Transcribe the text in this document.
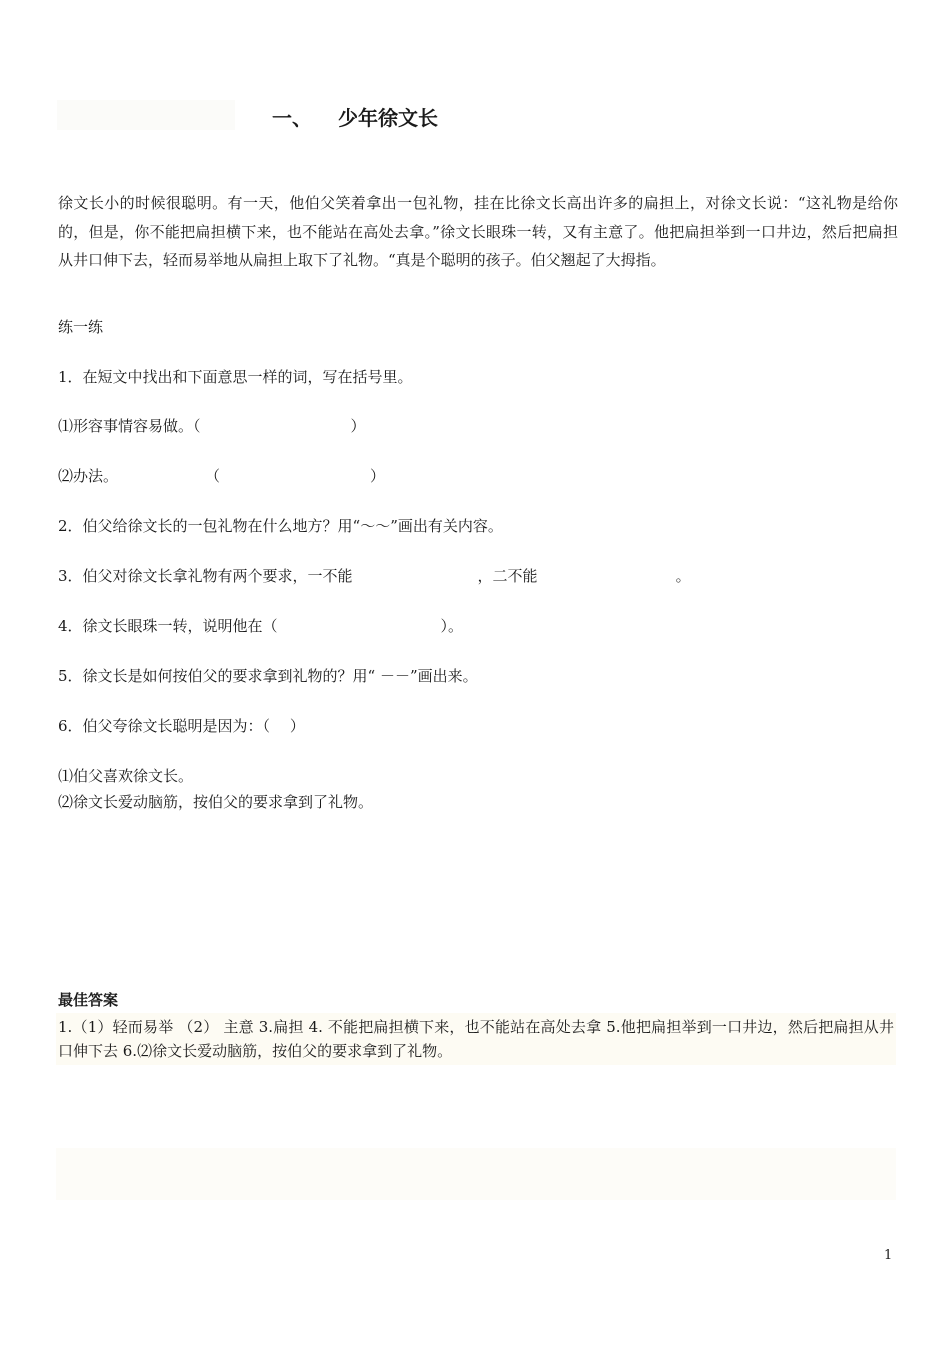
一、 少年徐文长
徐文长小的时候很聪明。有一天，他伯父笑着拿出一包礼物，挂在比徐文长高出许多的扁担上，对徐文长说：“这礼物是给你的，但是，你不能把扁担横下来，也不能站在高处去拿。”徐文长眼珠一转，又有主意了。他把扁担举到一口井边，然后把扁担从井口伸下去，轻而易举地从扁担上取下了礼物。“真是个聪明的孩子。伯父翘起了大拇指。
练一练
1．在短文中找出和下面意思一样的词，写在括号里。
⑴形容事情容易做。（	）
⑵办法。	（	）
2．伯父给徐文长的一包礼物在什么地方？用“～～”画出有关内容。
3．伯父对徐文长拿礼物有两个要求，一不能	，二不能	。
4．徐文长眼珠一转，说明他在（	）。
5．徐文长是如何按伯父的要求拿到礼物的？用“ －－”画出来。
6．伯父夸徐文长聪明是因为：（　 ）
⑴伯父喜欢徐文长。
⑵徐文长爱动脑筋，按伯父的要求拿到了礼物。
最佳答案
1.（1）轻而易举 （2） 主意 3.扁担 4. 不能把扁担横下来，也不能站在高处去拿 5.他把扁担举到一口井边，然后把扁担从井口伸下去 6.⑵徐文长爱动脑筋，按伯父的要求拿到了礼物。
1
